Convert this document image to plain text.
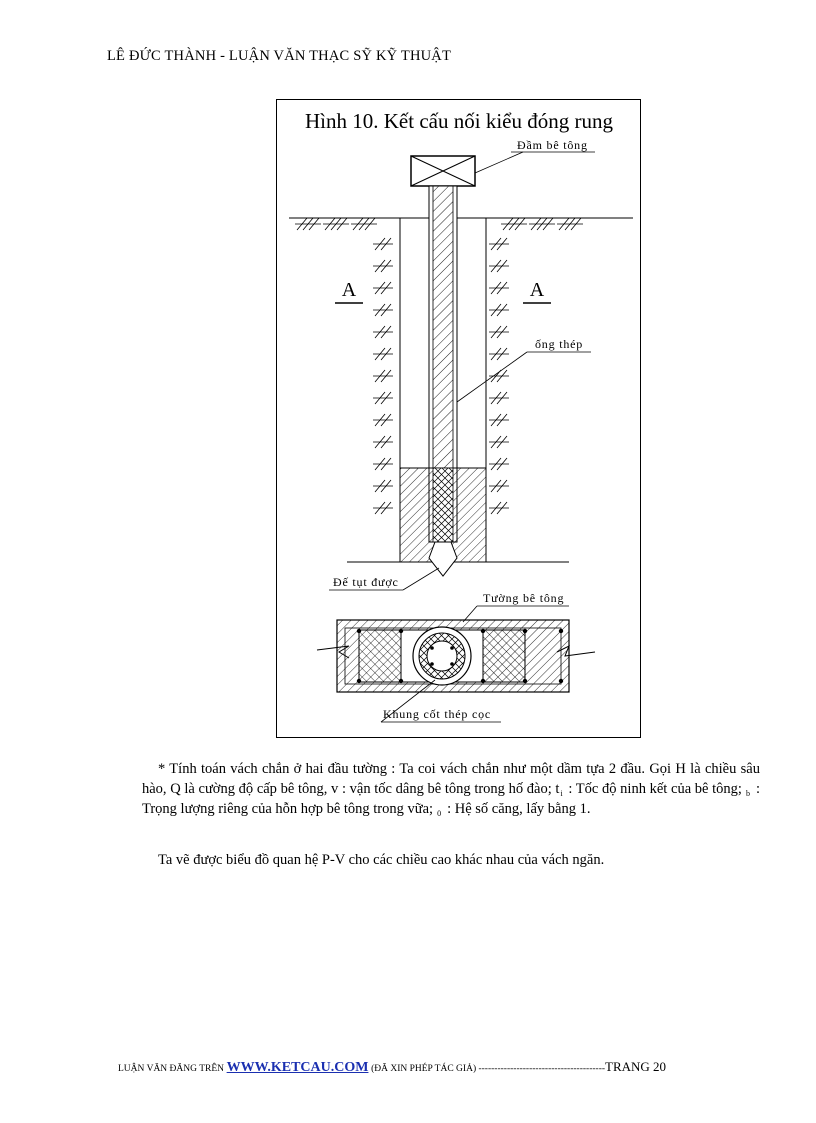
LÊ ĐỨC THÀNH - LUẬN VĂN THẠC SỸ KỸ THUẬT
Hình 10. Kết cấu nối kiểu đóng rung
Đầm bê tông
A	A
Đế tụt được
ống thép
Tường bê tông
Khung cốt thép cọc
* Tính toán vách chắn ở hai đầu tường : Ta coi vách chắn như một dầm tựa 2 đầu. Gọi H là chiều sâu hào, Q là cường độ cấp bê tông, v : vận tốc dâng bê tông trong hố đào; $t_i$ : Tốc độ ninh kết của bê tông; $_b$ : Trọng lượng riêng của hỗn hợp bê tông trong vữa; $_0$ : Hệ số căng, lấy bằng 1.
Ta vẽ được biểu đồ quan hệ P-V cho các chiều cao khác nhau của vách ngăn.
LUẬN VĂN ĐĂNG TRÊN WWW.KETCAU.COM (ĐÃ XIN PHÉP TÁC GIẢ) ----------------------------------------TRANG 20
